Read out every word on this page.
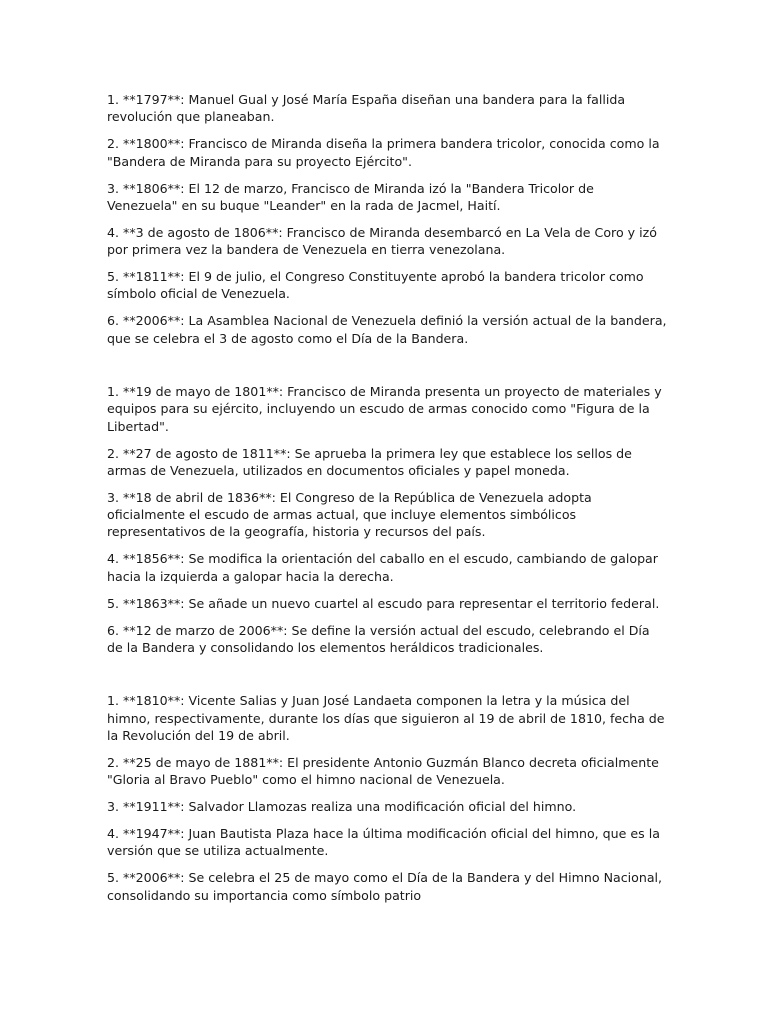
1. **1797**: Manuel Gual y José María España diseñan una bandera para la fallida revolución que planeaban.

2. **1800**: Francisco de Miranda diseña la primera bandera tricolor, conocida como la "Bandera de Miranda para su proyecto Ejército".

3. **1806**: El 12 de marzo, Francisco de Miranda izó la "Bandera Tricolor de Venezuela" en su buque "Leander" en la rada de Jacmel, Haití.

4. **3 de agosto de 1806**: Francisco de Miranda desembarcó en La Vela de Coro y izó por primera vez la bandera de Venezuela en tierra venezolana.

5. **1811**: El 9 de julio, el Congreso Constituyente aprobó la bandera tricolor como símbolo oficial de Venezuela.

6. **2006**: La Asamblea Nacional de Venezuela definió la versión actual de la bandera, que se celebra el 3 de agosto como el Día de la Bandera.

1. **19 de mayo de 1801**: Francisco de Miranda presenta un proyecto de materiales y equipos para su ejército, incluyendo un escudo de armas conocido como "Figura de la Libertad".

2. **27 de agosto de 1811**: Se aprueba la primera ley que establece los sellos de armas de Venezuela, utilizados en documentos oficiales y papel moneda.

3. **18 de abril de 1836**: El Congreso de la República de Venezuela adopta oficialmente el escudo de armas actual, que incluye elementos simbólicos representativos de la geografía, historia y recursos del país.

4. **1856**: Se modifica la orientación del caballo en el escudo, cambiando de galopar hacia la izquierda a galopar hacia la derecha.

5. **1863**: Se añade un nuevo cuartel al escudo para representar el territorio federal.

6. **12 de marzo de 2006**: Se define la versión actual del escudo, celebrando el Día de la Bandera y consolidando los elementos heráldicos tradicionales.

1. **1810**: Vicente Salias y Juan José Landaeta componen la letra y la música del himno, respectivamente, durante los días que siguieron al 19 de abril de 1810, fecha de la Revolución del 19 de abril.

2. **25 de mayo de 1881**: El presidente Antonio Guzmán Blanco decreta oficialmente "Gloria al Bravo Pueblo" como el himno nacional de Venezuela.

3. **1911**: Salvador Llamozas realiza una modificación oficial del himno.

4. **1947**: Juan Bautista Plaza hace la última modificación oficial del himno, que es la versión que se utiliza actualmente.

5. **2006**: Se celebra el 25 de mayo como el Día de la Bandera y del Himno Nacional, consolidando su importancia como símbolo patrio
